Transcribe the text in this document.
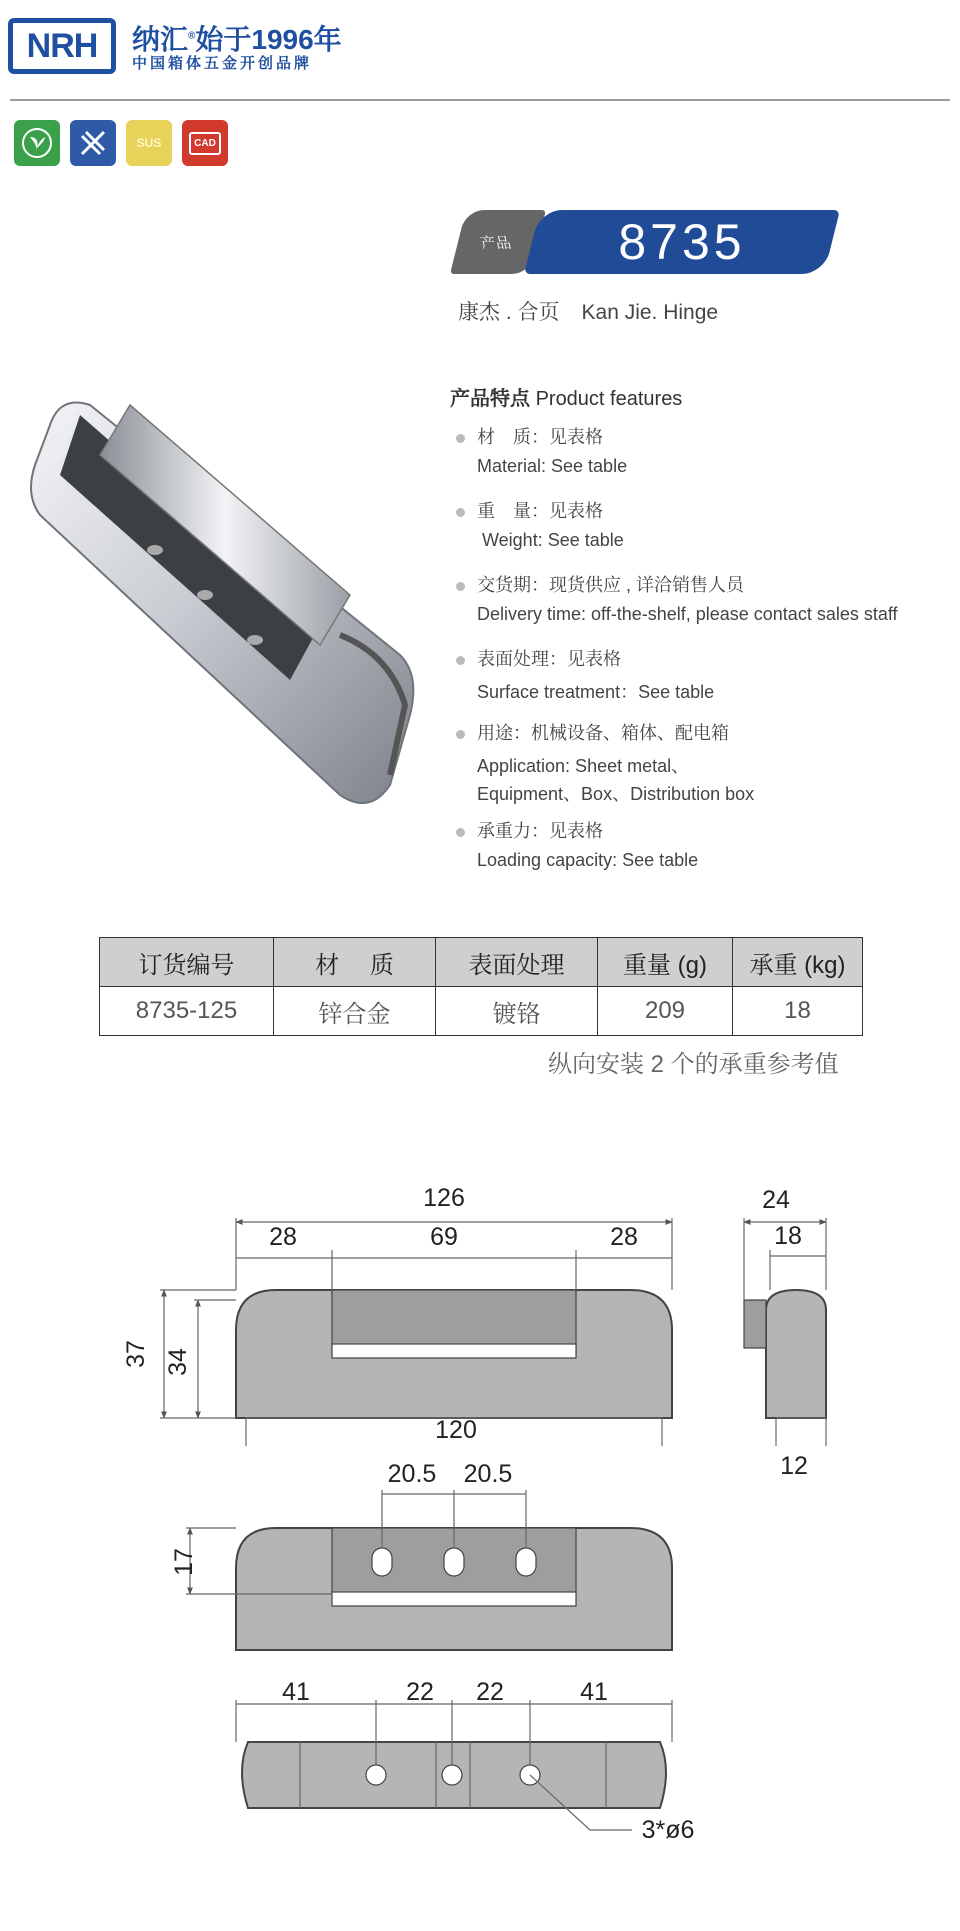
NRH 纳汇®始于1996年
中国箱体五金开创品牌
SUS	CAD
产品

型号
8735
康杰 . 合页 Kan Jie. Hinge
产品特点 Product features
材　质：见表格
Material: See table
重　量：见表格
Weight: See table
交货期：现货供应 , 详洽销售人员
Delivery time: off-the-shelf, please contact sales staff
表面处理：见表格
Surface treatment：See table
用途：机械设备、箱体、配电箱
Application: Sheet metal、
Equipment、Box、Distribution box
承重力：见表格
Loading capacity: See table
订货编号	材　 质	表面处理	重量 (g)	承重 (kg)
8735-125	锌合金	镀铬	209	18
纵向安装 2 个的承重参考值
126
28	69	28
37 34
120
24
18
12
20.5 20.5
17
41	22 22	41
3*ø6
